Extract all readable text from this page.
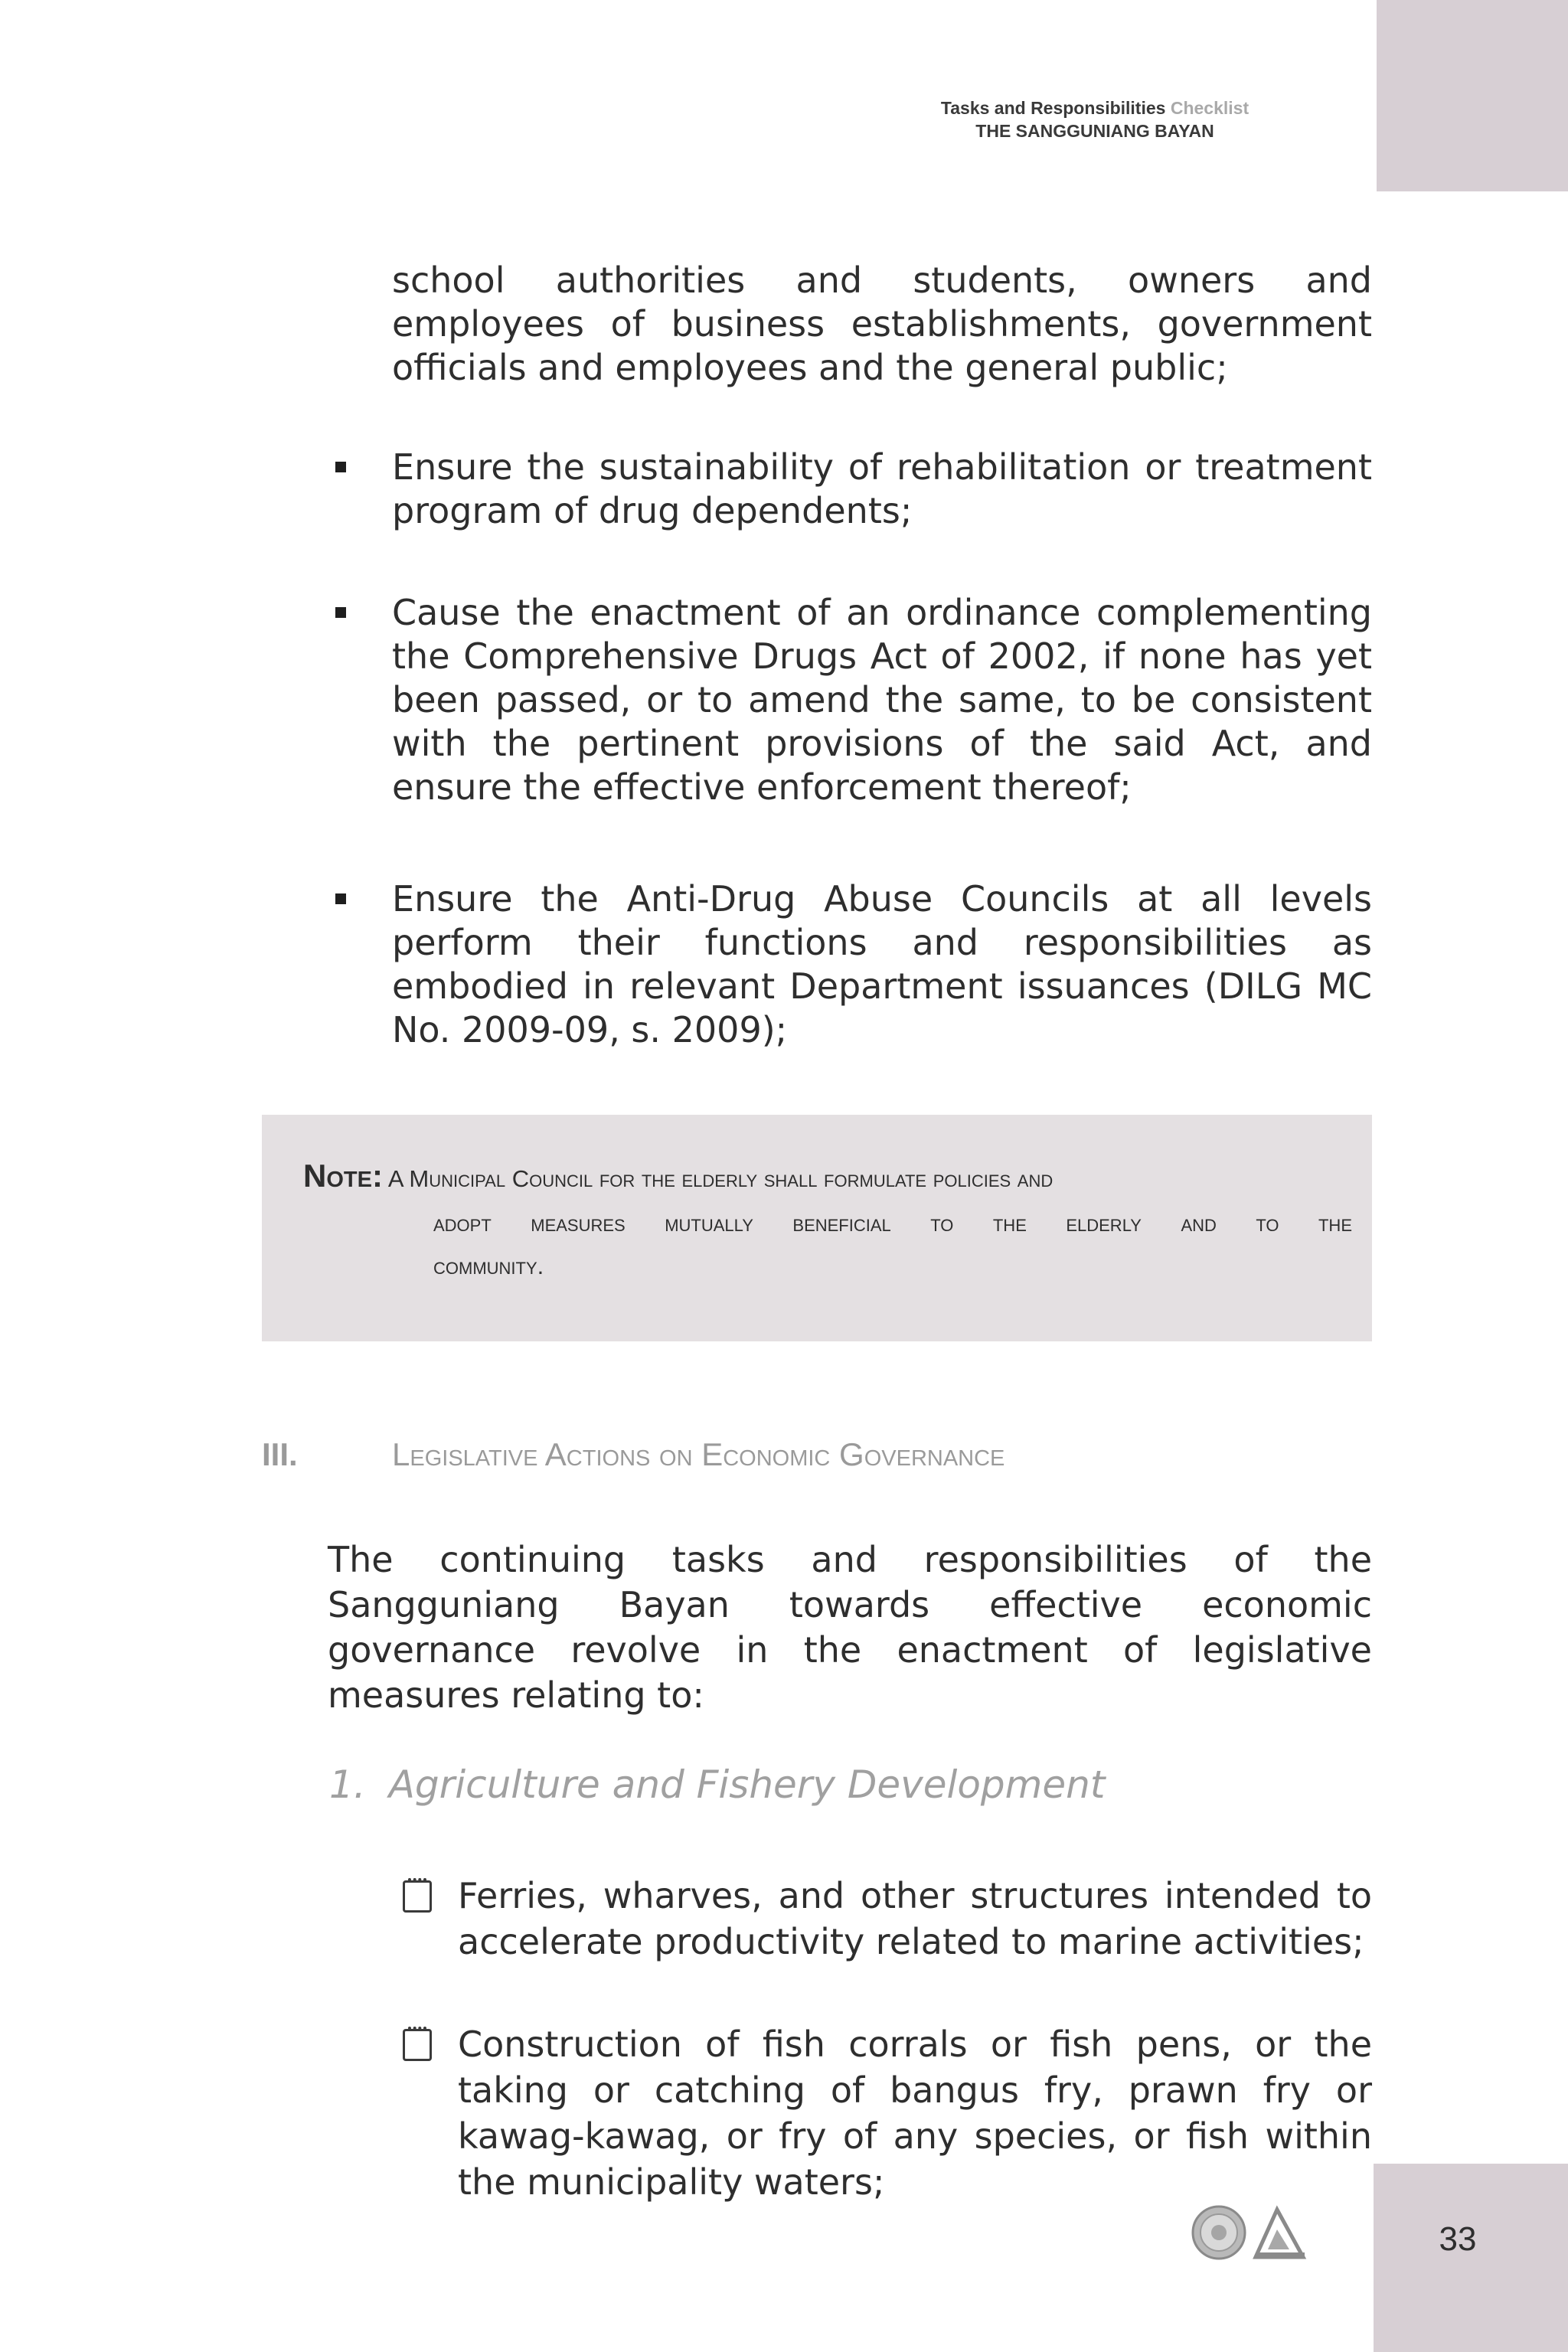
Tasks and Responsibilities Checklist
THE SANGGUNIANG BAYAN

school authorities and students, owners and employees of business establishments, government officials and employees and the general public;

Ensure the sustainability of rehabilitation or treatment program of drug dependents;

Cause the enactment of an ordinance complementing the Comprehensive Drugs Act of 2002, if none has yet been passed, or to amend the same, to be consistent with the pertinent provisions of the said Act, and ensure the effective enforcement thereof;

Ensure the Anti-Drug Abuse Councils at all levels perform their functions and responsibilities as embodied in relevant Department issuances (DILG MC No. 2009-09, s. 2009);

Note: A Municipal Council for the elderly shall formulate policies and
adopt measures mutually beneficial to the elderly and to the
community.
III.	Legislative Actions on Economic Governance

The continuing tasks and responsibilities of the Sangguniang Bayan towards effective economic governance revolve in the enactment of legislative measures relating to:

1. Agriculture and Fishery Development

Ferries, wharves, and other structures intended to accelerate productivity related to marine activities;

Construction of fish corrals or fish pens, or the taking or catching of bangus fry, prawn fry or kawag-kawag, or fry of any species, or fish within the municipality waters;

33
